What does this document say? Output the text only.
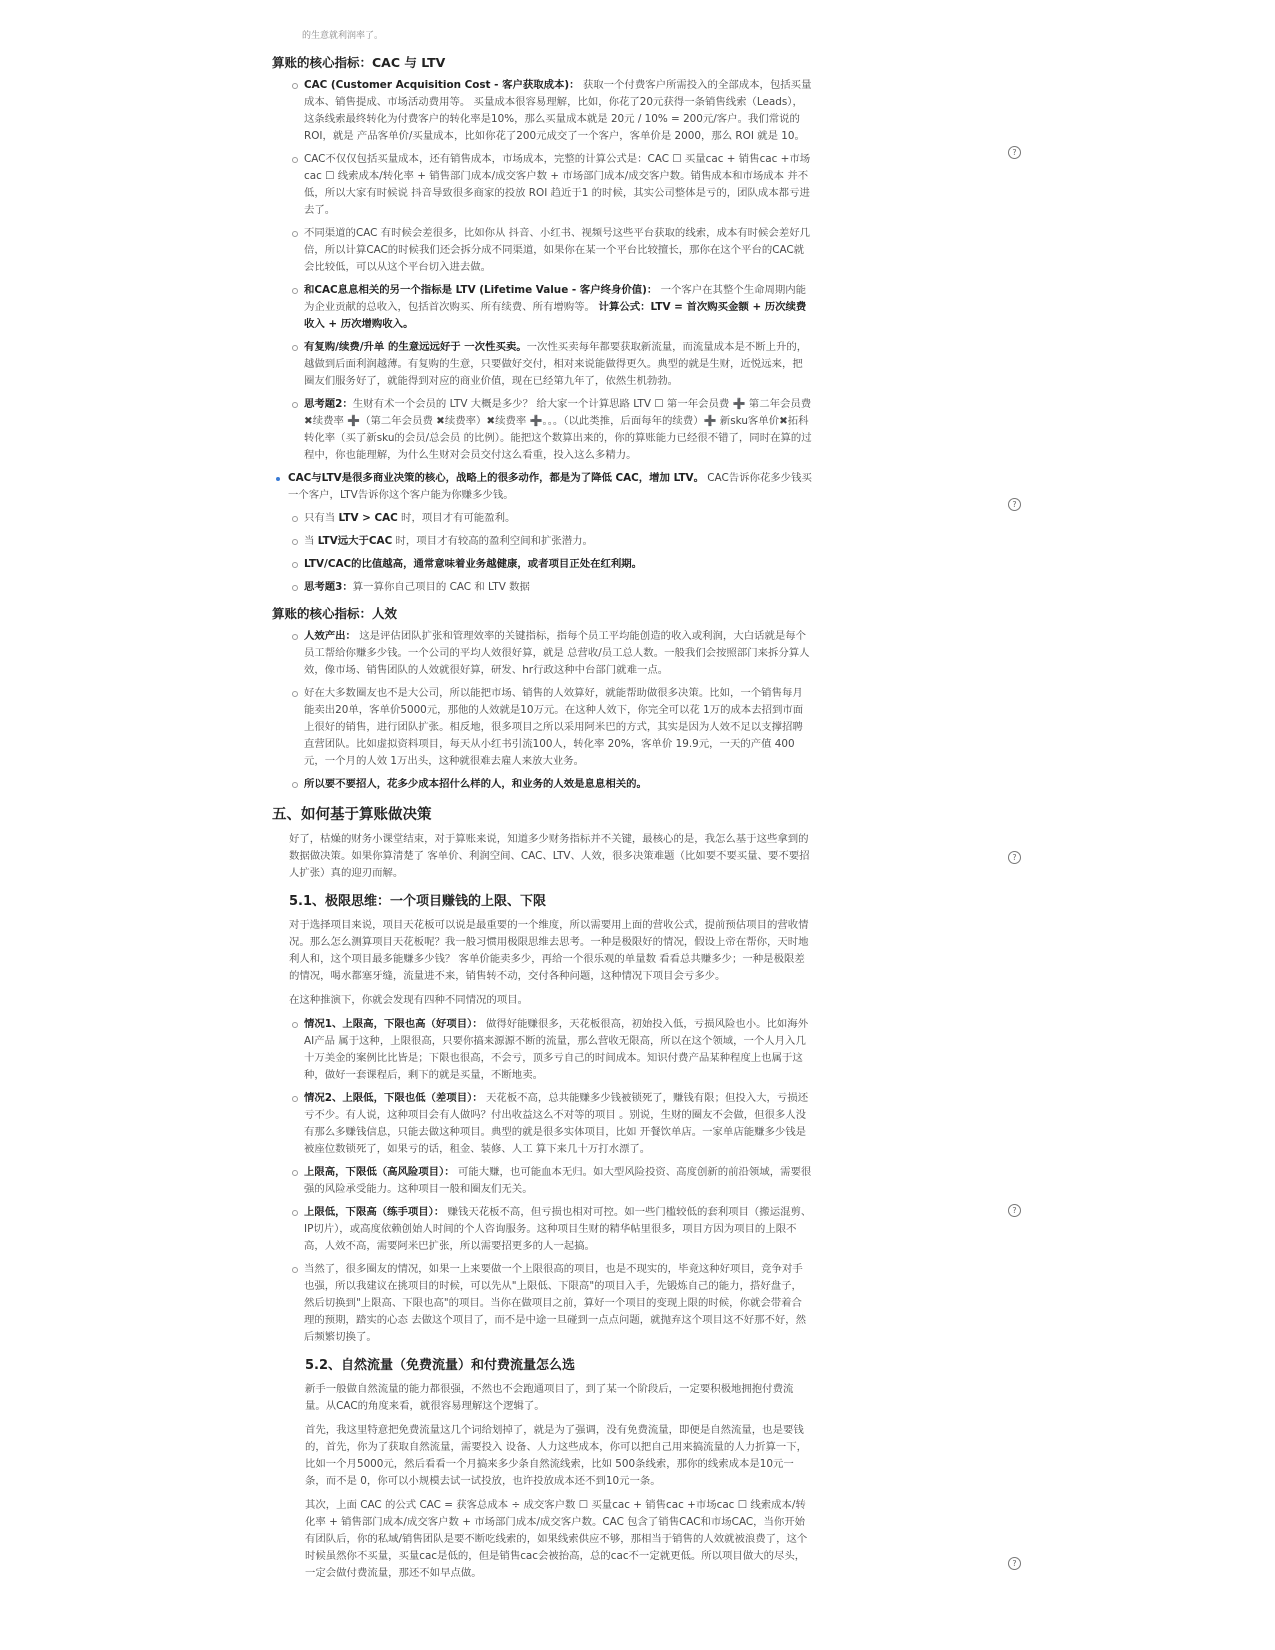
的生意就利润率了。
算账的核心指标：CAC 与 LTV
CAC (Customer Acquisition Cost - 客户获取成本)： 获取一个付费客户所需投入的全部成本，包括买量成本、销售提成、市场活动费用等。 买量成本很容易理解，比如，你花了20元获得一条销售线索（Leads），这条线索最终转化为付费客户的转化率是10%，那么买量成本就是 20元 / 10% = 200元/客户。我们常说的 ROI，就是 产品客单价/买量成本，比如你花了200元成交了一个客户，客单价是 2000，那么 ROI 就是 10。
CAC不仅仅包括买量成本，还有销售成本，市场成本，完整的计算公式是：CAC ☐ 买量cac + 销售cac +市场cac ☐ 线索成本/转化率 + 销售部门成本/成交客户数 + 市场部门成本/成交客户数。销售成本和市场成本 并不低，所以大家有时候说 抖音导致很多商家的投放 ROI 趋近于1 的时候，其实公司整体是亏的，团队成本都亏进去了。
不同渠道的CAC 有时候会差很多，比如你从 抖音、小红书、视频号这些平台获取的线索，成本有时候会差好几倍，所以计算CAC的时候我们还会拆分成不同渠道，如果你在某一个平台比较擅长，那你在这个平台的CAC就会比较低，可以从这个平台切入进去做。
和CAC息息相关的另一个指标是 LTV (Lifetime Value - 客户终身价值)： 一个客户在其整个生命周期内能为企业贡献的总收入，包括首次购买、所有续费、所有增购等。 计算公式：LTV = 首次购买金额 + 历次续费收入 + 历次增购收入。
有复购/续费/升单 的生意远远好于 一次性买卖。一次性买卖每年都要获取新流量，而流量成本是不断上升的，越做到后面利润越薄。有复购的生意，只要做好交付，相对来说能做得更久。典型的就是生财，近悦远来，把圈友们服务好了，就能得到对应的商业价值，现在已经第九年了，依然生机勃勃。
思考题2：生财有术一个会员的 LTV 大概是多少？ 给大家一个计算思路 LTV ☐ 第一年会员费 ➕ 第二年会员费 ✖续费率 ➕（第二年会员费 ✖续费率）✖续费率 ➕。。。（以此类推，后面每年的续费）➕ 新sku客单价✖拓科转化率（买了新sku的会员/总会员 的比例）。能把这个数算出来的，你的算账能力已经很不错了，同时在算的过程中，你也能理解，为什么生财对会员交付这么看重，投入这么多精力。
CAC与LTV是很多商业决策的核心，战略上的很多动作，都是为了降低 CAC，增加 LTV。 CAC告诉你花多少钱买一个客户，LTV告诉你这个客户能为你赚多少钱。
只有当 LTV > CAC 时，项目才有可能盈利。
当 LTV远大于CAC 时，项目才有较高的盈利空间和扩张潜力。
LTV/CAC的比值越高，通常意味着业务越健康，或者项目正处在红利期。
思考题3：算一算你自己项目的 CAC 和 LTV 数据
算账的核心指标：人效
人效产出： 这是评估团队扩张和管理效率的关键指标，指每个员工平均能创造的收入或利润，大白话就是每个员工帮给你赚多少钱。一个公司的平均人效很好算，就是 总营收/员工总人数。一般我们会按照部门来拆分算人效，像市场、销售团队的人效就很好算，研发、hr行政这种中台部门就难一点。
好在大多数圈友也不是大公司，所以能把市场、销售的人效算好，就能帮助做很多决策。比如，一个销售每月能卖出20单，客单价5000元，那他的人效就是10万元。在这种人效下，你完全可以花 1万的成本去招到市面上很好的销售，进行团队扩张。相反地，很多项目之所以采用阿米巴的方式，其实是因为人效不足以支撑招聘直营团队。比如虚拟资料项目，每天从小红书引流100人，转化率 20%，客单价 19.9元，一天的产值 400元，一个月的人效 1万出头，这种就很难去雇人来放大业务。
所以要不要招人，花多少成本招什么样的人，和业务的人效是息息相关的。
五、如何基于算账做决策

好了，枯燥的财务小课堂结束，对于算账来说，知道多少财务指标并不关键，最核心的是，我怎么基于这些拿到的数据做决策。如果你算清楚了 客单价、利润空间、CAC、LTV、人效，很多决策难题（比如要不要买量、要不要招人扩张）真的迎刃而解。

5.1、极限思维：一个项目赚钱的上限、下限

对于选择项目来说，项目天花板可以说是最重要的一个维度，所以需要用上面的营收公式，提前预估项目的营收情况。那么怎么测算项目天花板呢？我一般习惯用极限思维去思考。一种是极限好的情况，假设上帝在帮你，天时地利人和，这个项目最多能赚多少钱？ 客单价能卖多少，再给一个很乐观的单量数 看看总共赚多少；一种是极限差的情况，喝水都塞牙缝，流量进不来，销售转不动，交付各种问题，这种情况下项目会亏多少。

在这种推演下，你就会发现有四种不同情况的项目。

情况1、上限高，下限也高（好项目）： 做得好能赚很多，天花板很高，初始投入低，亏损风险也小。比如海外AI产品 属于这种，上限很高，只要你搞来源源不断的流量，那么营收无限高，所以在这个领域，一个人月入几十万美金的案例比比皆是；下限也很高，不会亏，顶多亏自己的时间成本。知识付费产品某种程度上也属于这种，做好一套课程后，剩下的就是买量，不断地卖。
情况2、上限低，下限也低（差项目）： 天花板不高，总共能赚多少钱被锁死了，赚钱有限；但投入大，亏损还亏不少。有人说，这种项目会有人做吗？付出收益这么不对等的项目 。别说，生财的圈友不会做，但很多人没有那么多赚钱信息，只能去做这种项目。典型的就是很多实体项目，比如 开餐饮单店。一家单店能赚多少钱是被座位数锁死了，如果亏的话，租金、装修、人工 算下来几十万打水漂了。
上限高，下限低（高风险项目）： 可能大赚，也可能血本无归。如大型风险投资、高度创新的前沿领域，需要很强的风险承受能力。这种项目一般和圈友们无关。
上限低，下限高（练手项目）： 赚钱天花板不高，但亏损也相对可控。如一些门槛较低的套利项目（搬运混剪、IP切片），或高度依赖创始人时间的个人咨询服务。这种项目生财的精华帖里很多，项目方因为项目的上限不高，人效不高，需要阿米巴扩张，所以需要招更多的人一起搞。
当然了，很多圈友的情况，如果一上来要做一个上限很高的项目，也是不现实的，毕竟这种好项目，竞争对手也强，所以我建议在挑项目的时候，可以先从"上限低、下限高"的项目入手，先锻炼自己的能力，搭好盘子，然后切换到"上限高、下限也高"的项目。当你在做项目之前，算好一个项目的变现上限的时候，你就会带着合理的预期，踏实的心态 去做这个项目了，而不是中途一旦碰到一点点问题，就抛弃这个项目这不好那不好，然后频繁切换了。
5.2、自然流量（免费流量）和付费流量怎么选

新手一般做自然流量的能力都很强，不然也不会跑通项目了，到了某一个阶段后，一定要积极地拥抱付费流量。从CAC的角度来看，就很容易理解这个逻辑了。

首先，我这里特意把免费流量这几个词给划掉了，就是为了强调，没有免费流量，即便是自然流量，也是要钱的，首先，你为了获取自然流量，需要投入 设备、人力这些成本，你可以把自己用来搞流量的人力折算一下，比如一个月5000元，然后看看一个月搞来多少条自然流线索，比如 500条线索，那你的线索成本是10元一条，而不是 0，你可以小规模去试一试投放，也许投放成本还不到10元一条。

其次，上面 CAC 的公式 CAC = 获客总成本 ÷ 成交客户数 ☐ 买量cac + 销售cac +市场cac ☐ 线索成本/转化率 + 销售部门成本/成交客户数 + 市场部门成本/成交客户数。CAC 包含了销售CAC和市场CAC，当你开始有团队后，你的私域/销售团队是要不断吃线索的，如果线索供应不够，那相当于销售的人效就被浪费了，这个时候虽然你不买量，买量cac是低的，但是销售cac会被抬高，总的cac不一定就更低。所以项目做大的尽头，一定会做付费流量，那还不如早点做。

?
?
?
?
?
